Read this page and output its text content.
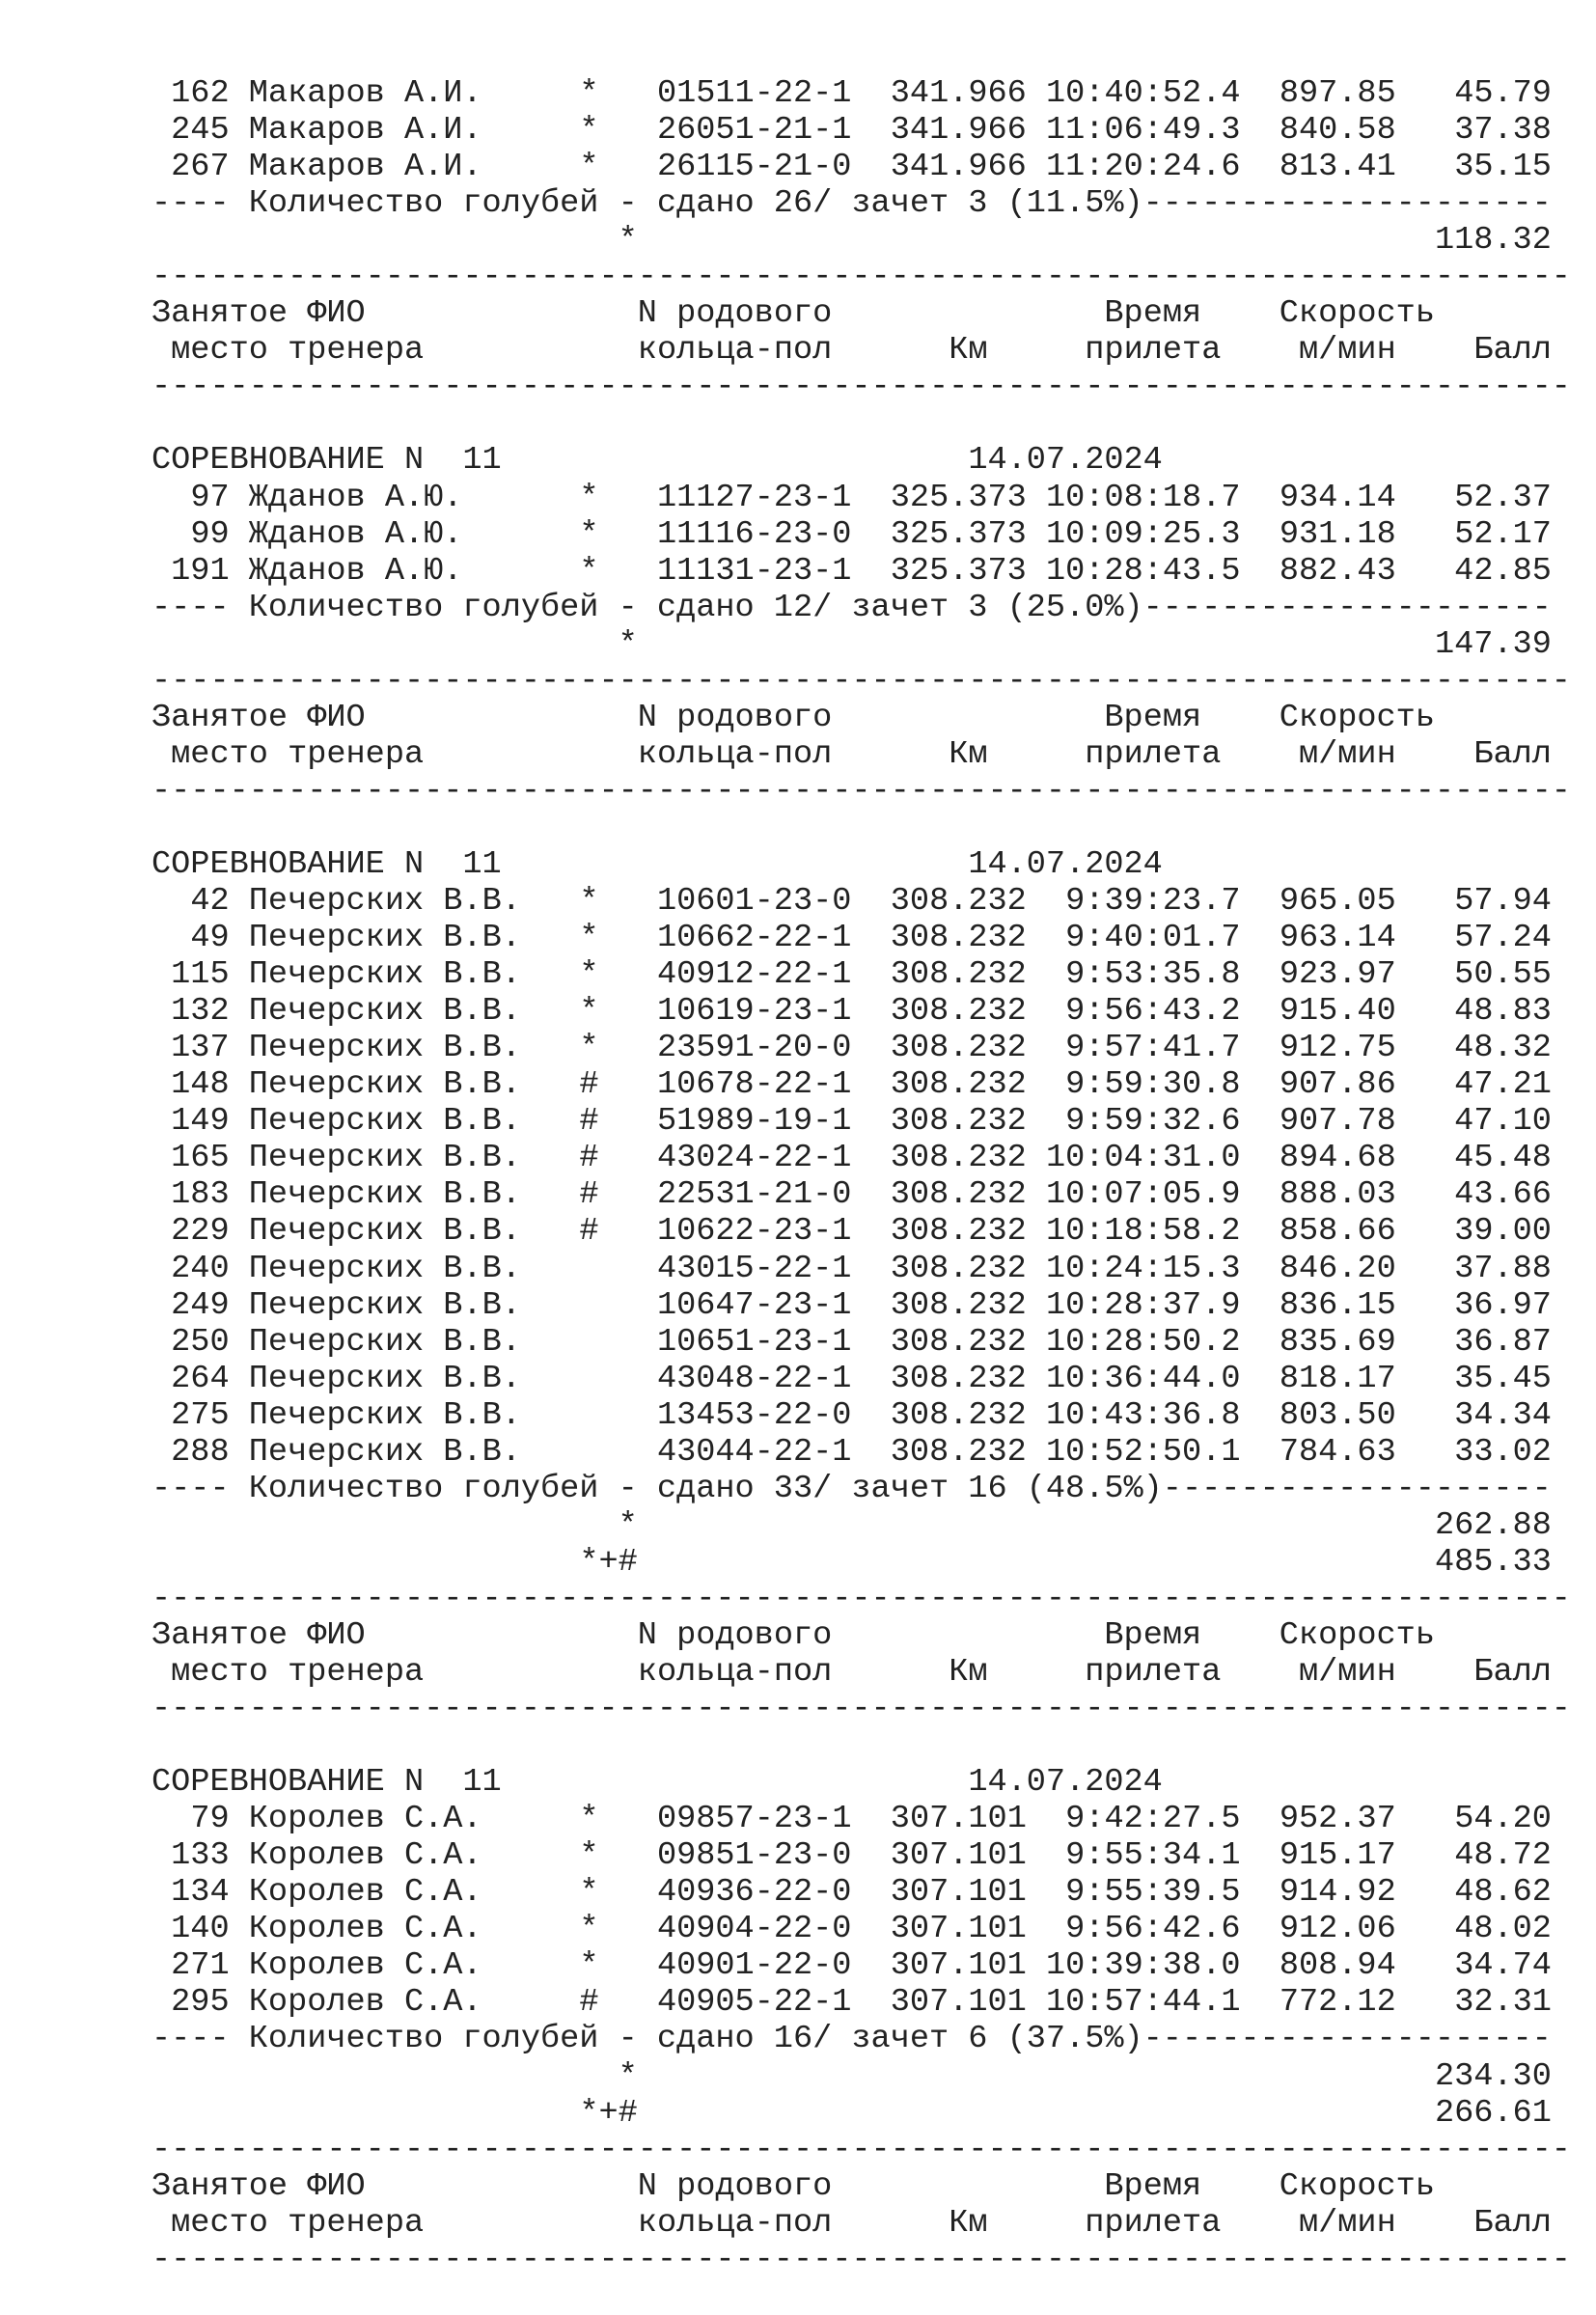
162 Макаров А.И.	* 01511-22-1 341.966 10:40:52.4 897.85 45.79
245 Макаров А.И.	* 26051-21-1 341.966 11:06:49.3 840.58 37.38
267 Макаров А.И.	* 26115-21-0 341.966 11:20:24.6 813.41 35.15
---- Количество голубей - сдано 26/ зачет 3 (11.5%)---------------------
*	118.32
-------------------------------------------------------------------------
Занятое ФИО	N родового	Время Скорость
место тренера	кольца-пол	Км	прилета м/мин Балл
-------------------------------------------------------------------------
СОРЕВНОВАНИЕ N  11	14.07.2024
97 Жданов А.Ю.	* 11127-23-1 325.373 10:08:18.7 934.14 52.37
99 Жданов А.Ю.	* 11116-23-0 325.373 10:09:25.3 931.18 52.17
191 Жданов А.Ю.	* 11131-23-1 325.373 10:28:43.5 882.43 42.85
---- Количество голубей - сдано 12/ зачет 3 (25.0%)---------------------
*	147.39
-------------------------------------------------------------------------
Занятое ФИО	N родового	Время Скорость
место тренера	кольца-пол	Км	прилета м/мин Балл
-------------------------------------------------------------------------
СОРЕВНОВАНИЕ N  11	14.07.2024
42 Печерских В.В. * 10601-23-0 308.232 9:39:23.7 965.05 57.94
49 Печерских В.В. * 10662-22-1 308.232 9:40:01.7 963.14 57.24
115 Печерских В.В. * 40912-22-1 308.232 9:53:35.8 923.97 50.55
132 Печерских В.В. * 10619-23-1 308.232 9:56:43.2 915.40 48.83
137 Печерских В.В. * 23591-20-0 308.232 9:57:41.7 912.75 48.32
148 Печерских В.В. # 10678-22-1 308.232 9:59:30.8 907.86 47.21
149 Печерских В.В. # 51989-19-1 308.232 9:59:32.6 907.78 47.10
165 Печерских В.В. # 43024-22-1 308.232 10:04:31.0 894.68 45.48
183 Печерских В.В. # 22531-21-0 308.232 10:07:05.9 888.03 43.66
229 Печерских В.В. # 10622-23-1 308.232 10:18:58.2 858.66 39.00
240 Печерских В.В.	43015-22-1 308.232 10:24:15.3 846.20 37.88
249 Печерских В.В.	10647-23-1 308.232 10:28:37.9 836.15 36.97
250 Печерских В.В.	10651-23-1 308.232 10:28:50.2 835.69 36.87
264 Печерских В.В.	43048-22-1 308.232 10:36:44.0 818.17 35.45
275 Печерских В.В.	13453-22-0 308.232 10:43:36.8 803.50 34.34
288 Печерских В.В.	43044-22-1 308.232 10:52:50.1 784.63 33.02
---- Количество голубей - сдано 33/ зачет 16 (48.5%)--------------------
*	262.88
*+#	485.33
-------------------------------------------------------------------------
Занятое ФИО	N родового	Время Скорость
место тренера	кольца-пол	Км	прилета м/мин Балл
-------------------------------------------------------------------------
СОРЕВНОВАНИЕ N  11	14.07.2024
79 Королев С.А.	* 09857-23-1 307.101 9:42:27.5 952.37 54.20
133 Королев С.А.	* 09851-23-0 307.101 9:55:34.1 915.17 48.72
134 Королев С.А.	* 40936-22-0 307.101 9:55:39.5 914.92 48.62
140 Королев С.А.	* 40904-22-0 307.101 9:56:42.6 912.06 48.02
271 Королев С.А.	* 40901-22-0 307.101 10:39:38.0 808.94 34.74
295 Королев С.А.	# 40905-22-1 307.101 10:57:44.1 772.12 32.31
---- Количество голубей - сдано 16/ зачет 6 (37.5%)---------------------
*	234.30
*+#	266.61
-------------------------------------------------------------------------
Занятое ФИО	N родового	Время Скорость
место тренера	кольца-пол	Км	прилета м/мин Балл
-------------------------------------------------------------------------
